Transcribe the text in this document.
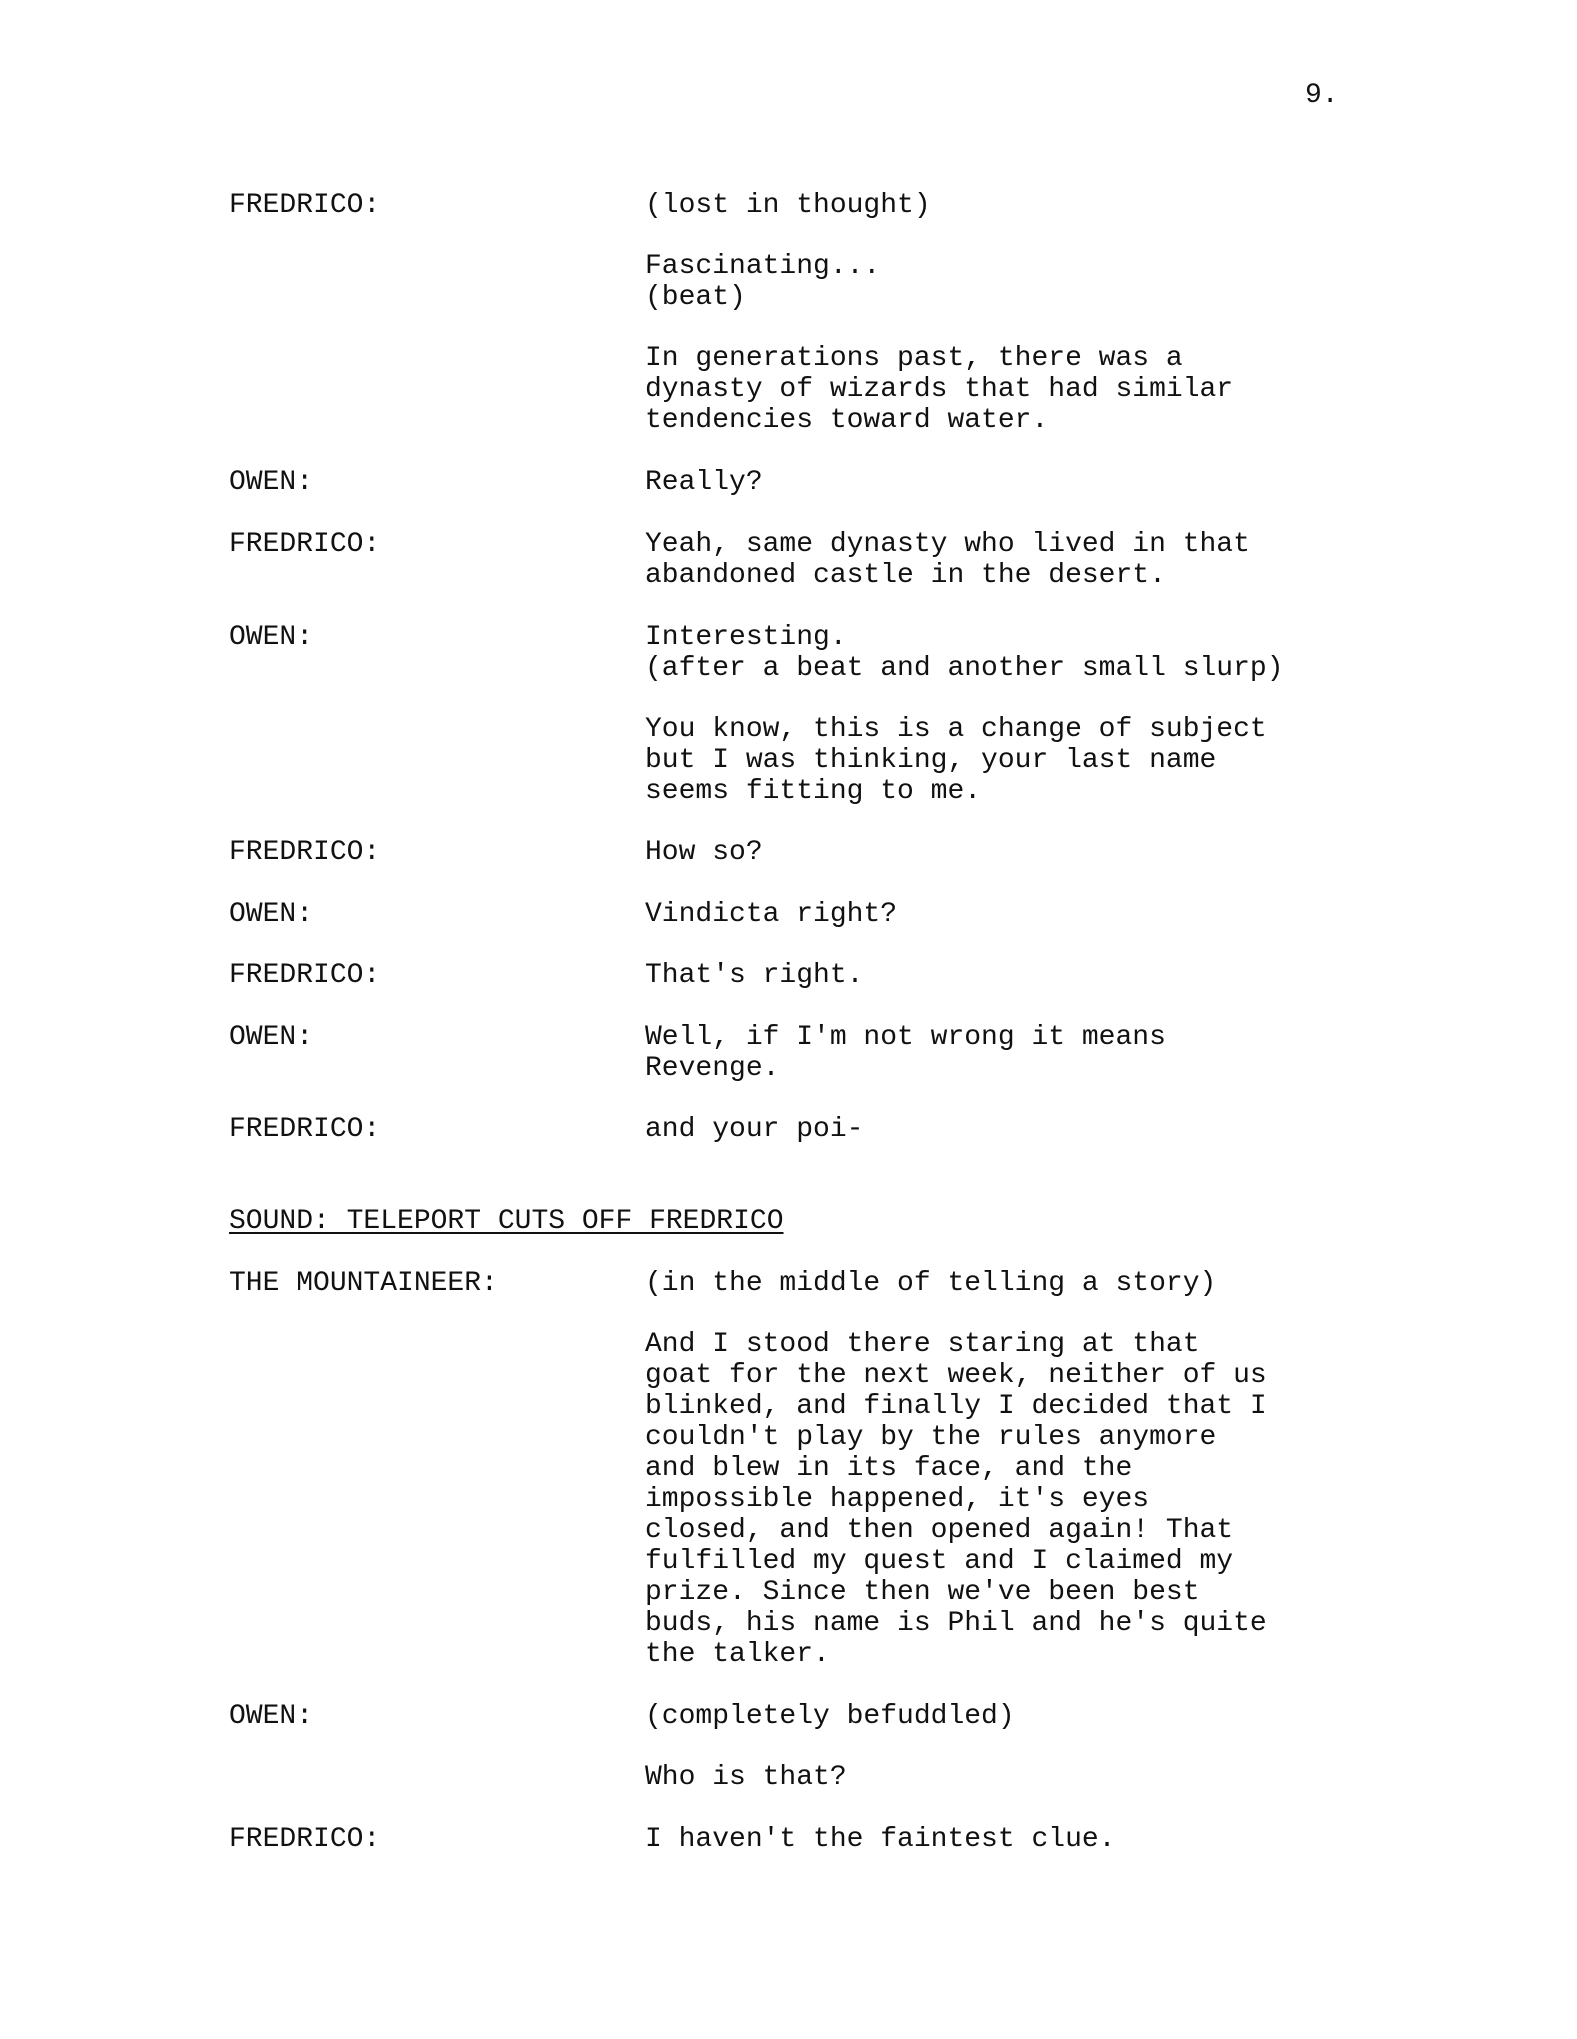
9.
FREDRICO:	(lost in thought)
Fascinating...
(beat)
In generations past, there was a
dynasty of wizards that had similar
tendencies toward water.
OWEN:	Really?
FREDRICO:	Yeah, same dynasty who lived in that
abandoned castle in the desert.
OWEN:	Interesting.
(after a beat and another small slurp)
You know, this is a change of subject
but I was thinking, your last name
seems fitting to me.
FREDRICO:	How so?
OWEN:	Vindicta right?
FREDRICO:	That's right.
OWEN:	Well, if I'm not wrong it means
Revenge.
FREDRICO:	and your poi-
SOUND: TELEPORT CUTS OFF FREDRICO
THE MOUNTAINEER:	(in the middle of telling a story)
And I stood there staring at that
goat for the next week, neither of us
blinked, and finally I decided that I
couldn't play by the rules anymore
and blew in its face, and the
impossible happened, it's eyes
closed, and then opened again! That
fulfilled my quest and I claimed my
prize. Since then we've been best
buds, his name is Phil and he's quite
the talker.
OWEN:	(completely befuddled)
Who is that?
FREDRICO:	I haven't the faintest clue.
